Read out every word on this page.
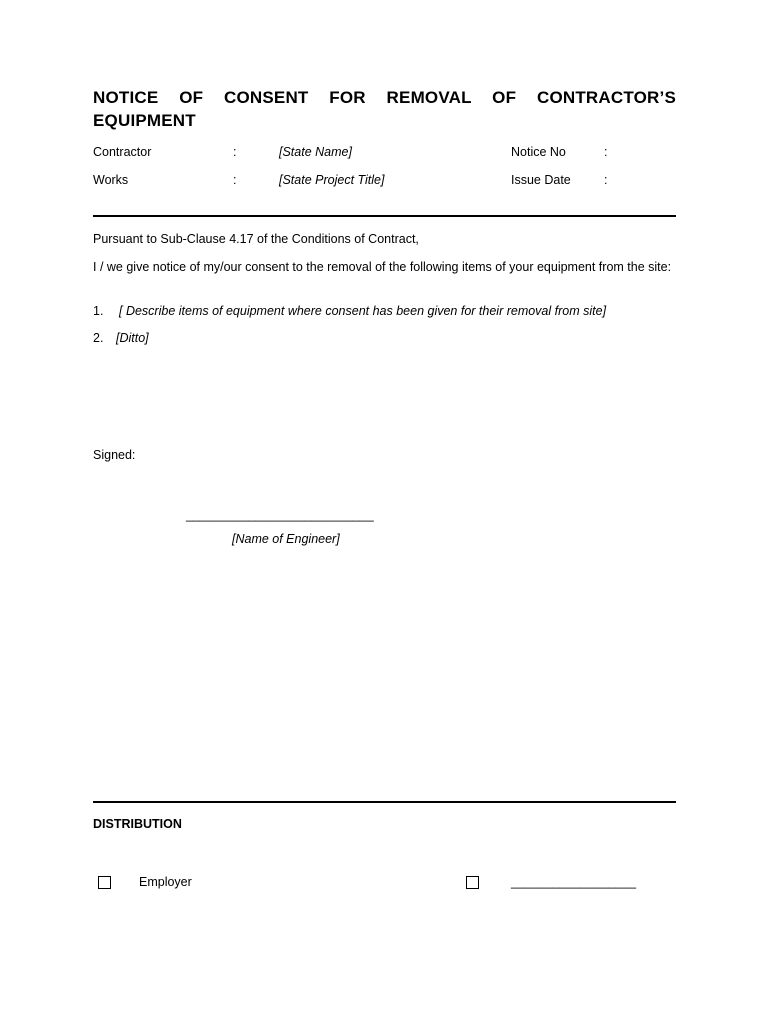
NOTICE OF CONSENT FOR REMOVAL OF CONTRACTOR’S EQUIPMENT
Contractor	:	[State Name]	Notice No	:
Works	:	[State Project Title]	Issue Date	:

Pursuant to Sub-Clause 4.17 of the Conditions of Contract,

I / we give notice of my/our consent to the removal of the following items of your equipment from the site:

1. [ Describe items of equipment where consent has been given for their removal from site]
2. [Ditto]
Signed:
___________________________
[Name of Engineer]
DISTRIBUTION
Employer	__________________
